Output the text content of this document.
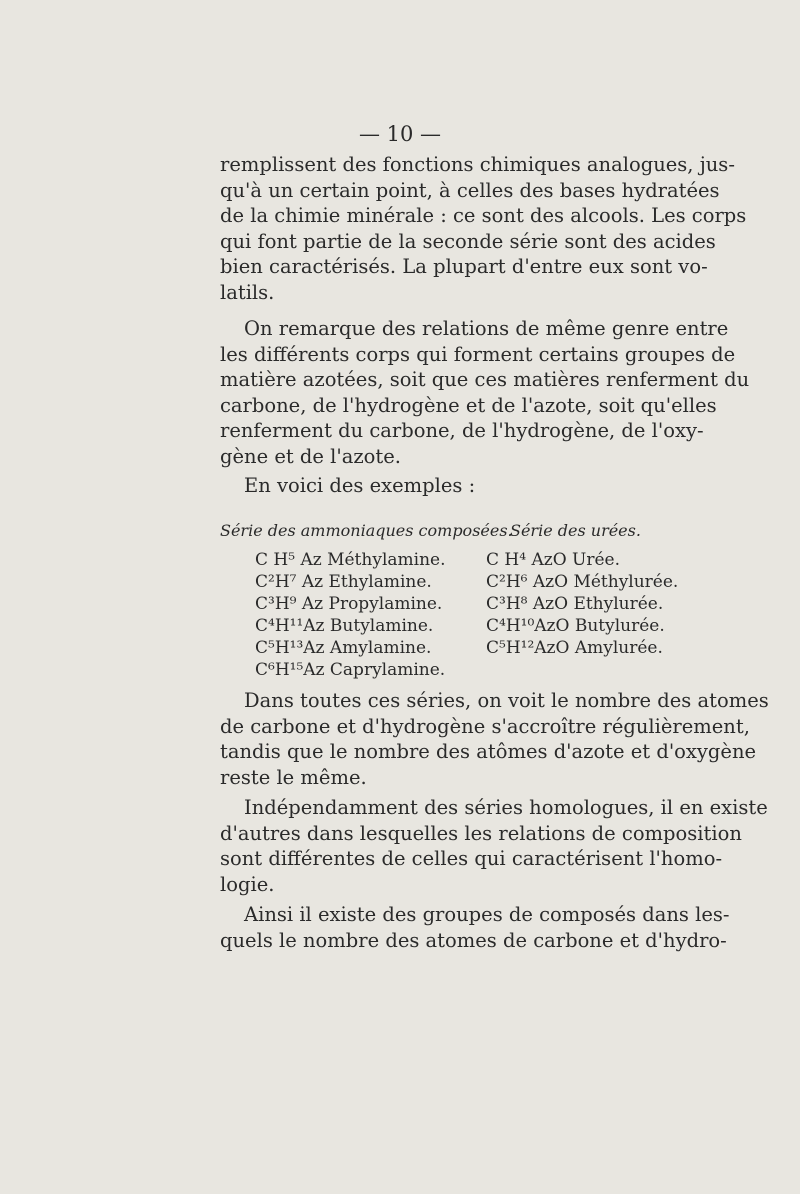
— 10 —
remplissent des fonctions chimiques analogues, jus-
qu'à un certain point, à celles des bases hydratées
de la chimie minérale : ce sont des alcools. Les corps
qui font partie de la seconde série sont des acides
bien caractérisés. La plupart d'entre eux sont vo-
latils.
On remarque des relations de même genre entre
les différents corps qui forment certains groupes de
matière azotées, soit que ces matières renferment du
carbone, de l'hydrogène et de l'azote, soit qu'elles
renferment du carbone, de l'hydrogène, de l'oxy-
gène et de l'azote.
En voici des exemples :
Série des ammoniaques composées.
Série des urées.
C H⁵ Az Méthylamine.
C²H⁷ Az Ethylamine.
C³H⁹ Az Propylamine.
C⁴H¹¹Az Butylamine.
C⁵H¹³Az Amylamine.
C⁶H¹⁵Az Caprylamine.
C H⁴ AzO Urée.
C²H⁶ AzO Méthylurée.
C³H⁸ AzO Ethylurée.
C⁴H¹⁰AzO Butylurée.
C⁵H¹²AzO Amylurée.
Dans toutes ces séries, on voit le nombre des atomes
de carbone et d'hydrogène s'accroître régulièrement,
tandis que le nombre des atômes d'azote et d'oxygène
reste le même.
Indépendamment des séries homologues, il en existe
d'autres dans lesquelles les relations de composition
sont différentes de celles qui caractérisent l'homo-
logie.
Ainsi il existe des groupes de composés dans les-
quels le nombre des atomes de carbone et d'hydro-
